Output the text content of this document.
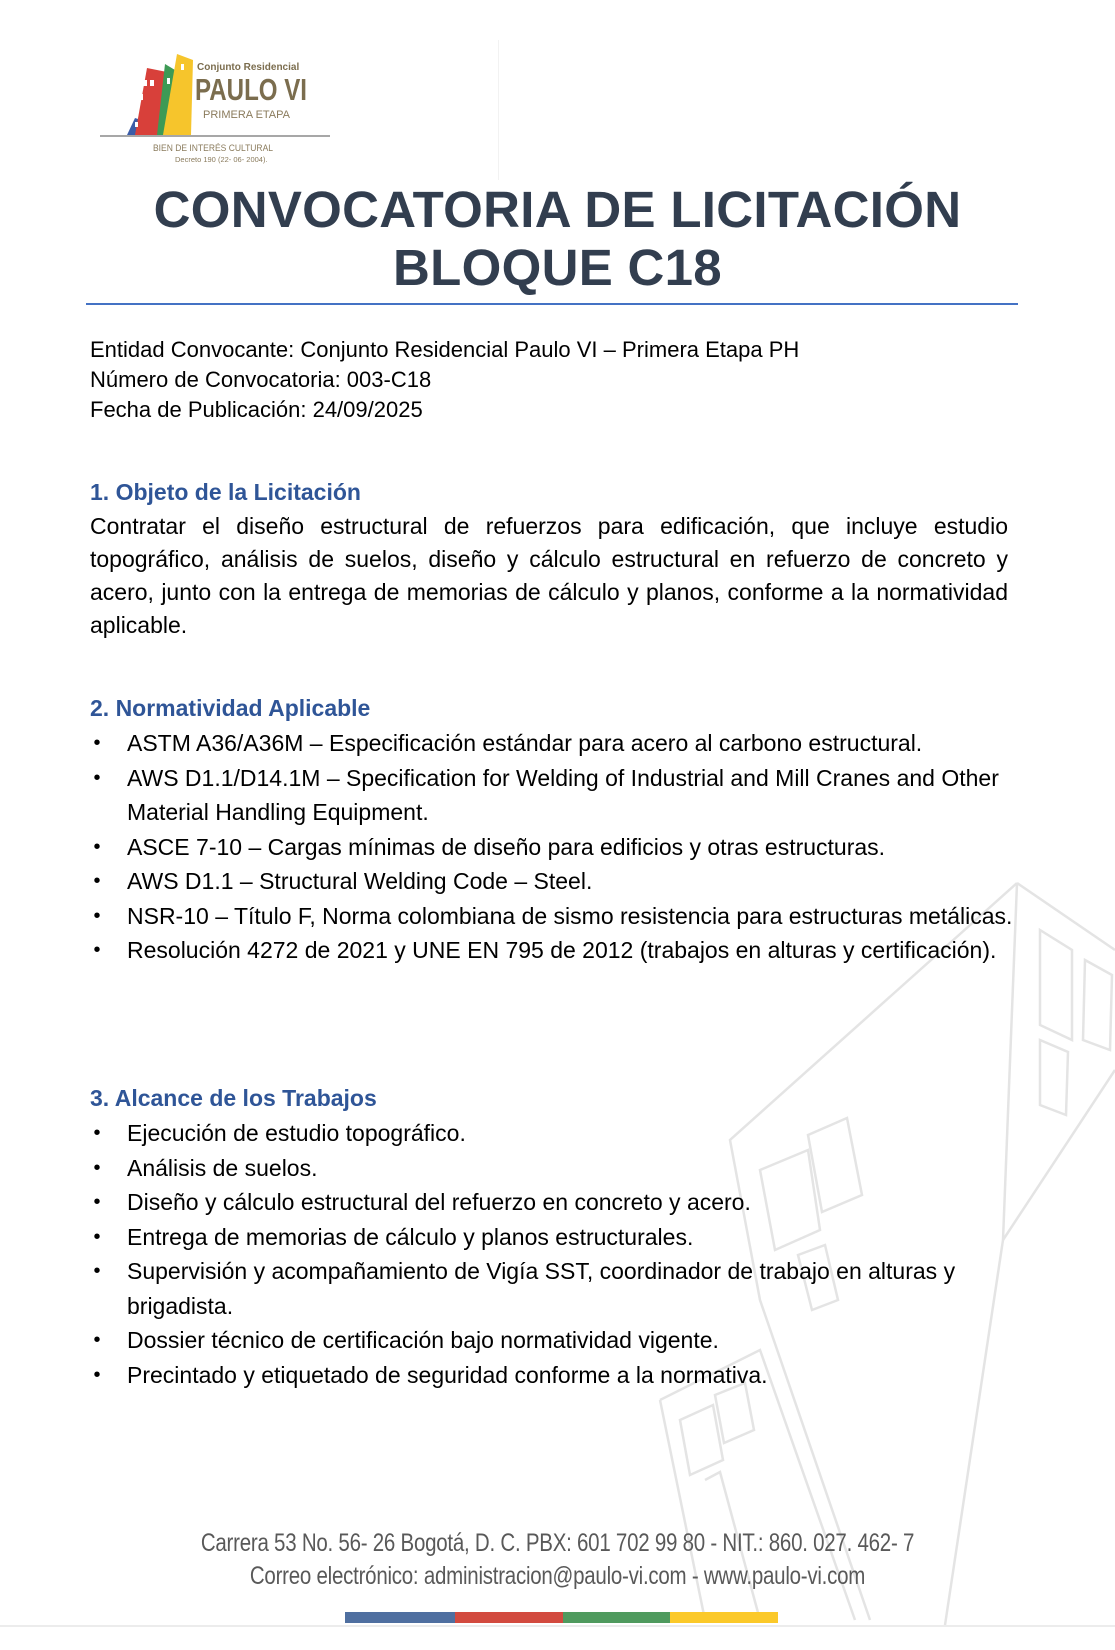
Conjunto Residencial
PAULO VI
PRIMERA ETAPA
BIEN DE INTERÉS CULTURAL
Decreto 190 (22- 06- 2004).
CONVOCATORIA DE LICITACIÓN
BLOQUE C18
Entidad Convocante: Conjunto Residencial Paulo VI – Primera Etapa PH
Número de Convocatoria: 003-C18
Fecha de Publicación: 24/09/2025
1. Objeto de la Licitación
Contratar el diseño estructural de refuerzos para edificación, que incluye estudio topográfico, análisis de suelos, diseño y cálculo estructural en refuerzo de concreto y acero, junto con la entrega de memorias de cálculo y planos, conforme a la normatividad aplicable.
2. Normatividad Aplicable
• ASTM A36/A36M – Especificación estándar para acero al carbono estructural.
• AWS D1.1/D14.1M – Specification for Welding of Industrial and Mill Cranes and Other Material Handling Equipment.
• ASCE 7-10 – Cargas mínimas de diseño para edificios y otras estructuras.
• AWS D1.1 – Structural Welding Code – Steel.
• NSR-10 – Título F, Norma colombiana de sismo resistencia para estructuras metálicas.
• Resolución 4272 de 2021 y UNE EN 795 de 2012 (trabajos en alturas y certificación).
3. Alcance de los Trabajos
• Ejecución de estudio topográfico.
• Análisis de suelos.
• Diseño y cálculo estructural del refuerzo en concreto y acero.
• Entrega de memorias de cálculo y planos estructurales.
• Supervisión y acompañamiento de Vigía SST, coordinador de trabajo en alturas y brigadista.
• Dossier técnico de certificación bajo normatividad vigente.
• Precintado y etiquetado de seguridad conforme a la normativa.
Carrera 53 No. 56- 26 Bogotá, D. C. PBX: 601 702 99 80 - NIT.: 860. 027. 462- 7
Correo electrónico: administracion@paulo-vi.com - www.paulo-vi.com
